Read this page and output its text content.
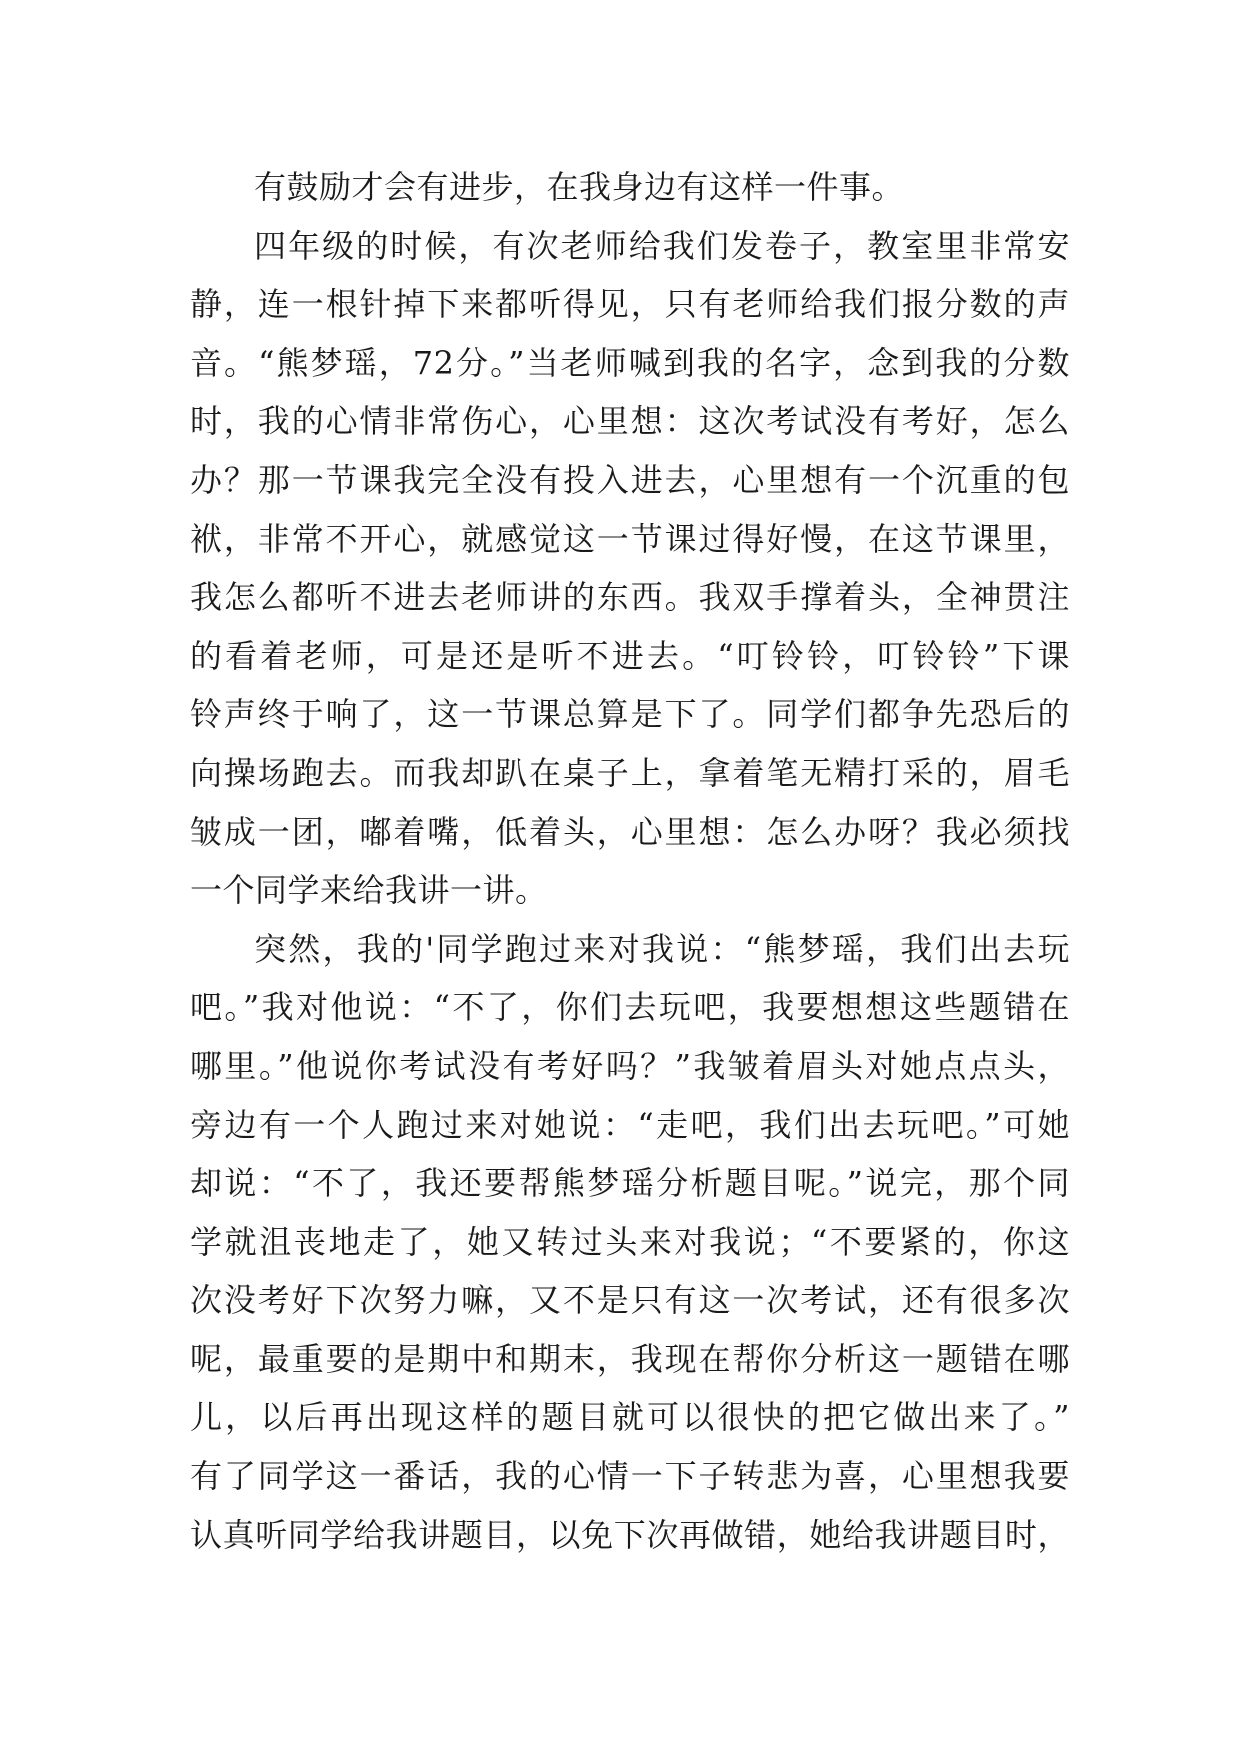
有鼓励才会有进步，在我身边有这样一件事。
四年级的时候，有次老师给我们发卷子，教室里非常安
静，连一根针掉下来都听得见，只有老师给我们报分数的声
音。“熊梦瑶，72分。”当老师喊到我的名字，念到我的分数
时，我的心情非常伤心，心里想：这次考试没有考好，怎么
办？那一节课我完全没有投入进去，心里想有一个沉重的包
袱，非常不开心，就感觉这一节课过得好慢，在这节课里，
我怎么都听不进去老师讲的东西。我双手撑着头，全神贯注
的看着老师，可是还是听不进去。“叮铃铃，叮铃铃”下课
铃声终于响了，这一节课总算是下了。同学们都争先恐后的
向操场跑去。而我却趴在桌子上，拿着笔无精打采的，眉毛
皱成一团，嘟着嘴，低着头，心里想：怎么办呀？我必须找
一个同学来给我讲一讲。
突然，我的'同学跑过来对我说：“熊梦瑶，我们出去玩
吧。”我对他说：“不了，你们去玩吧，我要想想这些题错在
哪里。”他说你考试没有考好吗？”我皱着眉头对她点点头，
旁边有一个人跑过来对她说：“走吧，我们出去玩吧。”可她
却说：“不了，我还要帮熊梦瑶分析题目呢。”说完，那个同
学就沮丧地走了，她又转过头来对我说；“不要紧的，你这
次没考好下次努力嘛，又不是只有这一次考试，还有很多次
呢，最重要的是期中和期末，我现在帮你分析这一题错在哪
儿，以后再出现这样的题目就可以很快的把它做出来了。”
有了同学这一番话，我的心情一下子转悲为喜，心里想我要
认真听同学给我讲题目，以免下次再做错，她给我讲题目时，
